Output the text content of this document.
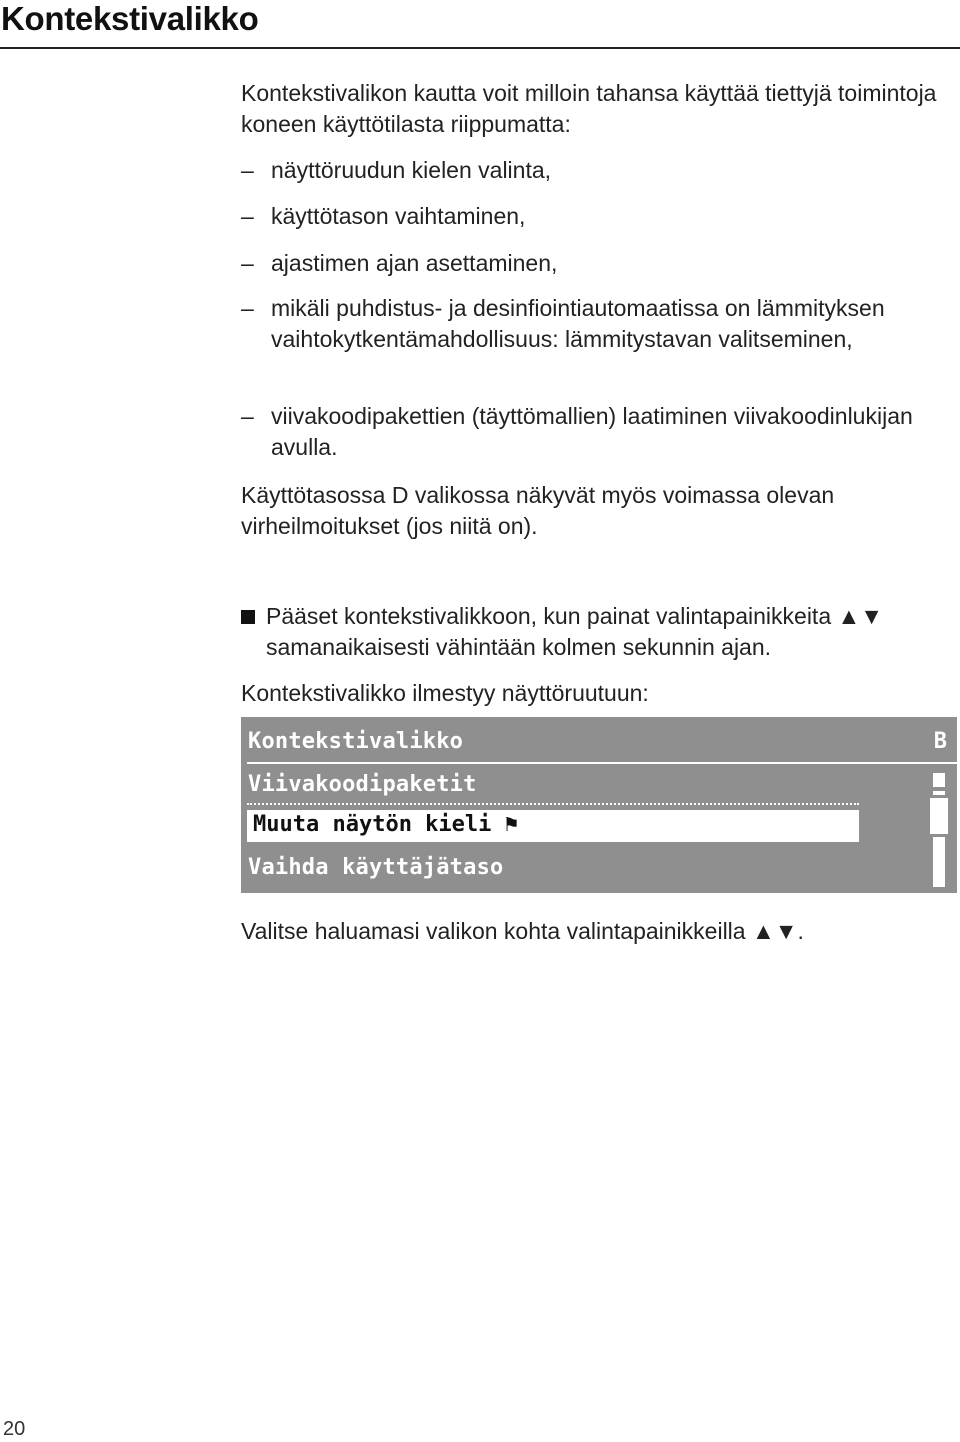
Kontekstivalikko
Kontekstivalikon kautta voit milloin tahansa käyttää tiettyjä toimintoja koneen käyttötilasta riippumatta:
– näyttöruudun kielen valinta,
– käyttötason vaihtaminen,
– ajastimen ajan asettaminen,
– mikäli puhdistus- ja desinfiointiautomaatissa on lämmityksen vaihtokytkentämahdollisuus: lämmitystavan valitseminen,
– viivakoodipakettien (täyttömallien) laatiminen viivakoodinlukijan avulla.
Käyttötasossa D valikossa näkyvät myös voimassa olevan virheilmoitukset (jos niitä on).
Pääset kontekstivalikkoon, kun painat valintapainikkeita ▲▼ samanaikaisesti vähintään kolmen sekunnin ajan.
Kontekstivalikko ilmestyy näyttöruutuun:
Kontekstivalikko	B
Viivakoodipaketit
Muuta näytön kieli ⚑
Vaihda käyttäjätaso
Valitse haluamasi valikon kohta valintapainikkeilla ▲▼.
20
